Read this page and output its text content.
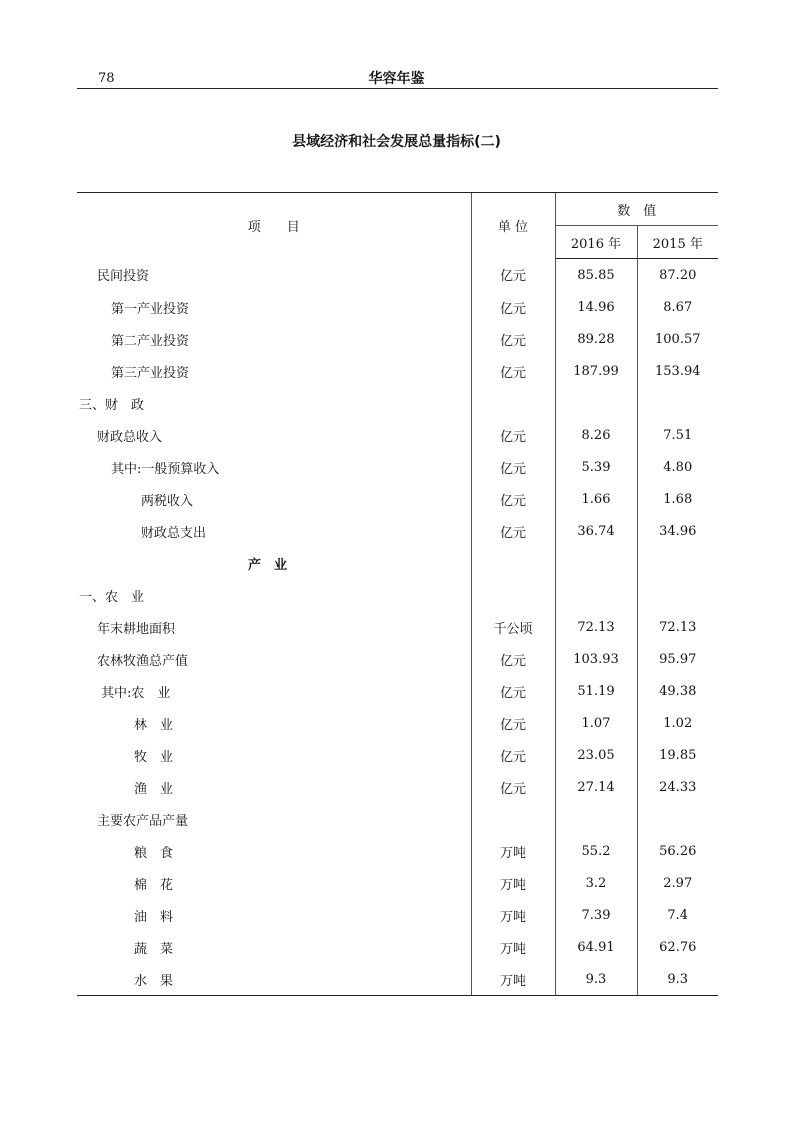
78	华容年鉴
县域经济和社会发展总量指标(二)
项　　目	单 位	数　值	
		2016 年	2015 年
民间投资	亿元	85.85	87.20
第一产业投资	亿元	14.96	8.67
第二产业投资	亿元	89.28	100.57
第三产业投资	亿元	187.99	153.94
三、财　政			
财政总收入	亿元	8.26	7.51
其中:一般预算收入	亿元	5.39	4.80
两税收入	亿元	1.66	1.68
财政总支出	亿元	36.74	34.96
产　业			
一、农　业			
年末耕地面积	千公顷	72.13	72.13
农林牧渔总产值	亿元	103.93	95.97
其中:农　业	亿元	51.19	49.38
林　业	亿元	1.07	1.02
牧　业	亿元	23.05	19.85
渔　业	亿元	27.14	24.33
主要农产品产量			
粮　食	万吨	55.2	56.26
棉　花	万吨	3.2	2.97
油　料	万吨	7.39	7.4
蔬　菜	万吨	64.91	62.76
水　果	万吨	9.3	9.3
